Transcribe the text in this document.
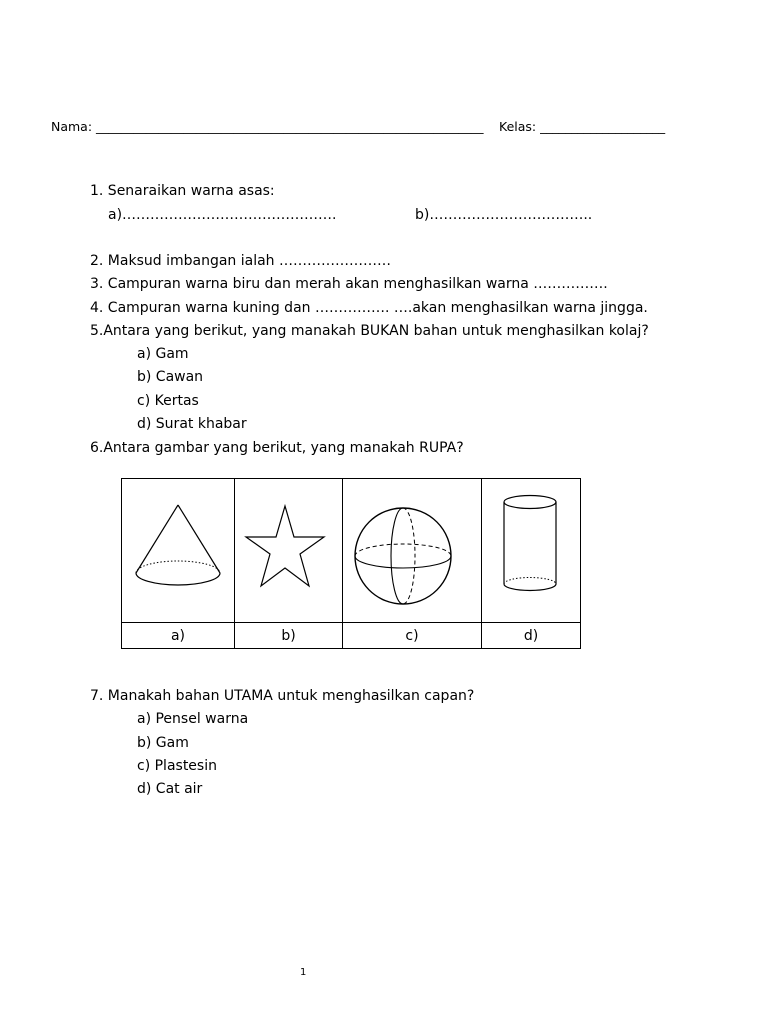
Nama: ______________________________________________________________ Kelas: ____________________
1. Senaraikan warna asas:
a)……………………………………….	b)……………………………..
2. Maksud imbangan ialah ……………………
3. Campuran warna biru dan merah akan menghasilkan warna …………….
4. Campuran warna kuning dan ……………. ….akan menghasilkan warna jingga.
5.Antara yang berikut, yang manakah BUKAN bahan untuk menghasilkan kolaj?
a) Gam
b) Cawan
c) Kertas
d) Surat khabar
6.Antara gambar yang berikut, yang manakah RUPA?

a)	b)	c)	d)
7. Manakah bahan UTAMA untuk menghasilkan capan?
a) Pensel warna
b) Gam
c) Plastesin
d) Cat air
1
